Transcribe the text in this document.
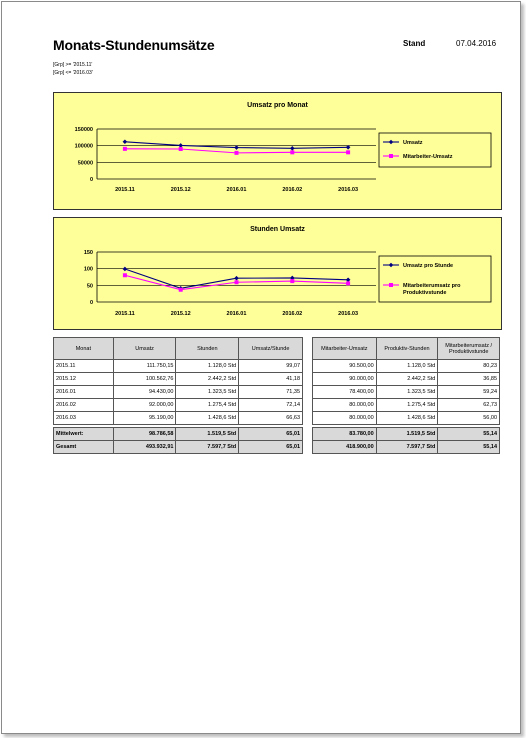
Monats-Stundenumsätze	Stand	07.04.2016
[Grp] >= '2015.11'
[Grp] <= '2016.03'
Umsatz pro Monat
0
50000
100000
150000
2015.11	2015.12	2016.01	2016.02	2016.03
Umsatz
Mitarbeiter-Umsatz
Stunden Umsatz
0
50
100
150
2015.11	2015.12	2016.01	2016.02	2016.03
Umsatz pro Stunde
Mitarbeiterumsatz pro Produktivstunde
Monat	Umsatz	Stunden	Umsatz/Stunde
2015.11	111.750,15	1.128,0 Std	99,07
2015.12	100.562,76	2.442,2 Std	41,18
2016.01	94.430,00	1.323,5 Std	71,35
2016.02	92.000,00	1.275,4 Std	72,14
2016.03	95.190,00	1.428,6 Std	66,63

Mittelwert:	98.786,58	1.519,5 Std	65,01
Gesamt	493.932,91	7.597,7 Std	65,01
Mitarbeiter-Umsatz	Produktiv-Stunden	Mitarbeiterumsatz / Produktivstunde
90.500,00	1.128,0 Std	80,23
90.000,00	2.442,2 Std	36,85
78.400,00	1.323,5 Std	59,24
80.000,00	1.275,4 Std	62,73
80.000,00	1.428,6 Std	56,00

83.780,00	1.519,5 Std	55,14
418.900,00	7.597,7 Std	55,14
